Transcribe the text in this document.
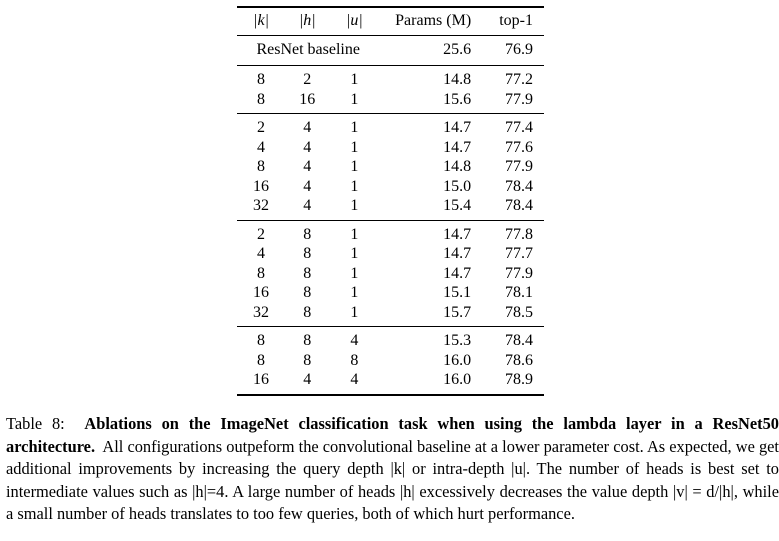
|k|	|h|	|u|	Params (M)	top-1
ResNet baseline			25.6	76.9
8	2	1	14.8	77.2
8	16	1	15.6	77.9
2	4	1	14.7	77.4
4	4	1	14.7	77.6
8	4	1	14.8	77.9
16	4	1	15.0	78.4
32	4	1	15.4	78.4
2	8	1	14.7	77.8
4	8	1	14.7	77.7
8	8	1	14.7	77.9
16	8	1	15.1	78.1
32	8	1	15.7	78.5
8	8	4	15.3	78.4
8	8	8	16.0	78.6
16	4	4	16.0	78.9

Table 8: Ablations on the ImageNet classification task when using the lambda layer in a ResNet50 architecture. All configurations outpeform the convolutional baseline at a lower parameter cost. As expected, we get additional improvements by increasing the query depth |k| or intra-depth |u|. The number of heads is best set to intermediate values such as |h|=4. A large number of heads |h| excessively decreases the value depth |v| = d/|h|, while a small number of heads translates to too few queries, both of which hurt performance.
